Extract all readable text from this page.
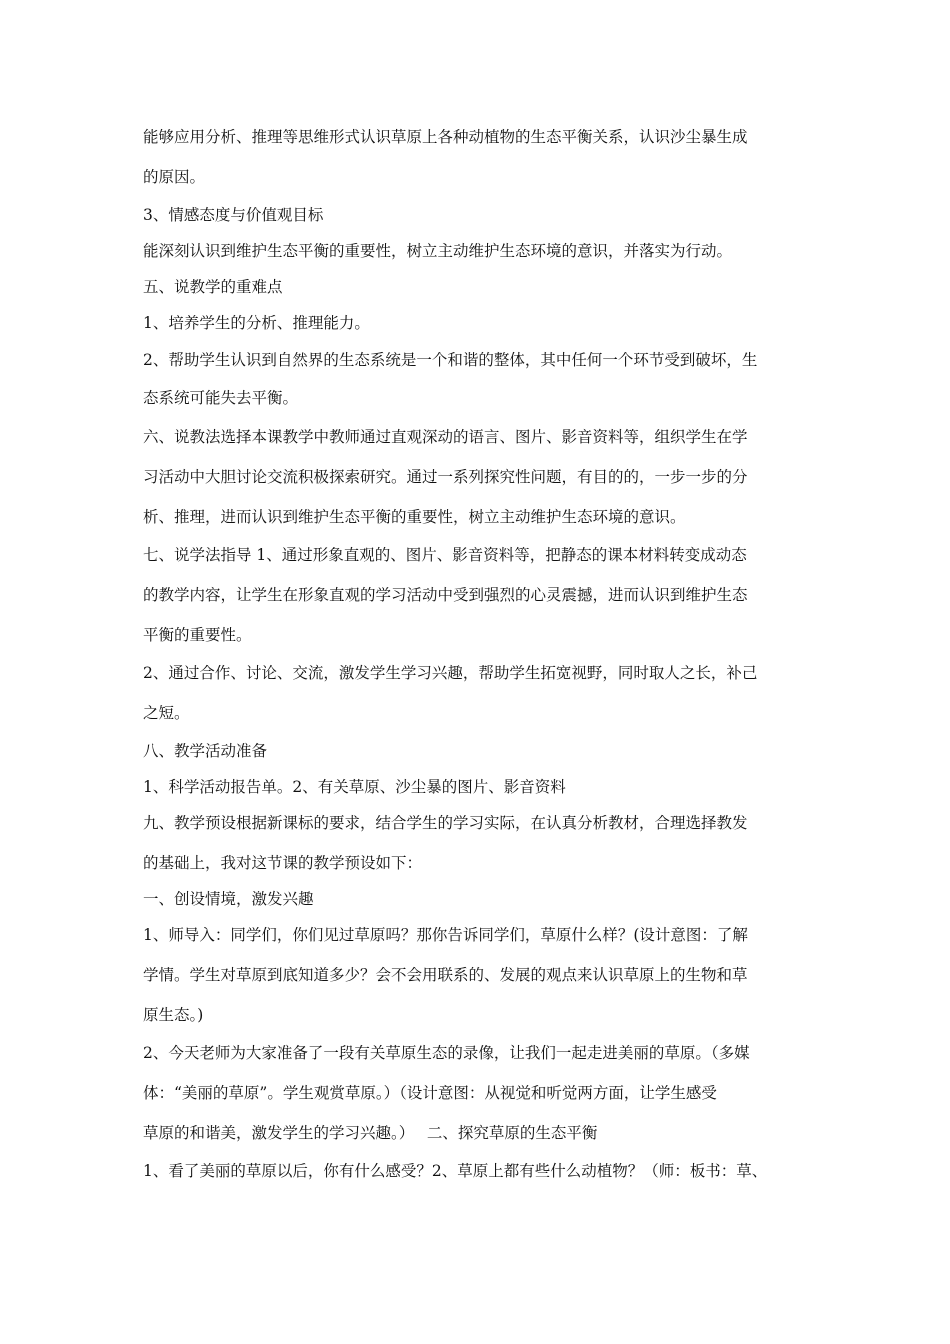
能够应用分析、推理等思维形式认识草原上各种动植物的生态平衡关系，认识沙尘暴生成
的原因。
3、情感态度与价值观目标
能深刻认识到维护生态平衡的重要性，树立主动维护生态环境的意识，并落实为行动。
五、说教学的重难点
1、培养学生的分析、推理能力。
2、帮助学生认识到自然界的生态系统是一个和谐的整体，其中任何一个环节受到破坏，生
态系统可能失去平衡。
六、说教法选择本课教学中教师通过直观深动的语言、图片、影音资料等，组织学生在学
习活动中大胆讨论交流积极探索研究。通过一系列探究性问题，有目的的，一步一步的分
析、推理，进而认识到维护生态平衡的重要性，树立主动维护生态环境的意识。
七、说学法指导 1、通过形象直观的、图片、影音资料等，把静态的课本材料转变成动态
的教学内容，让学生在形象直观的学习活动中受到强烈的心灵震撼，进而认识到维护生态
平衡的重要性。
2、通过合作、讨论、交流，激发学生学习兴趣，帮助学生拓宽视野，同时取人之长，补己
之短。
八、教学活动准备
1、科学活动报告单。2、有关草原、沙尘暴的图片、影音资料
九、教学预设根据新课标的要求，结合学生的学习实际，在认真分析教材，合理选择教发
的基础上，我对这节课的教学预设如下：
一、创设情境，激发兴趣
1、师导入：同学们，你们见过草原吗？那你告诉同学们，草原什么样？(设计意图：了解
学情。学生对草原到底知道多少？会不会用联系的、发展的观点来认识草原上的生物和草
原生态。)
2、今天老师为大家准备了一段有关草原生态的录像，让我们一起走进美丽的草原。（多媒
体：“美丽的草原”。学生观赏草原。）（设计意图：从视觉和听觉两方面，让学生感受
草原的和谐美，激发学生的学习兴趣。）　 二、探究草原的生态平衡
1、看了美丽的草原以后，你有什么感受？2、草原上都有些什么动植物？（师：板书：草、
